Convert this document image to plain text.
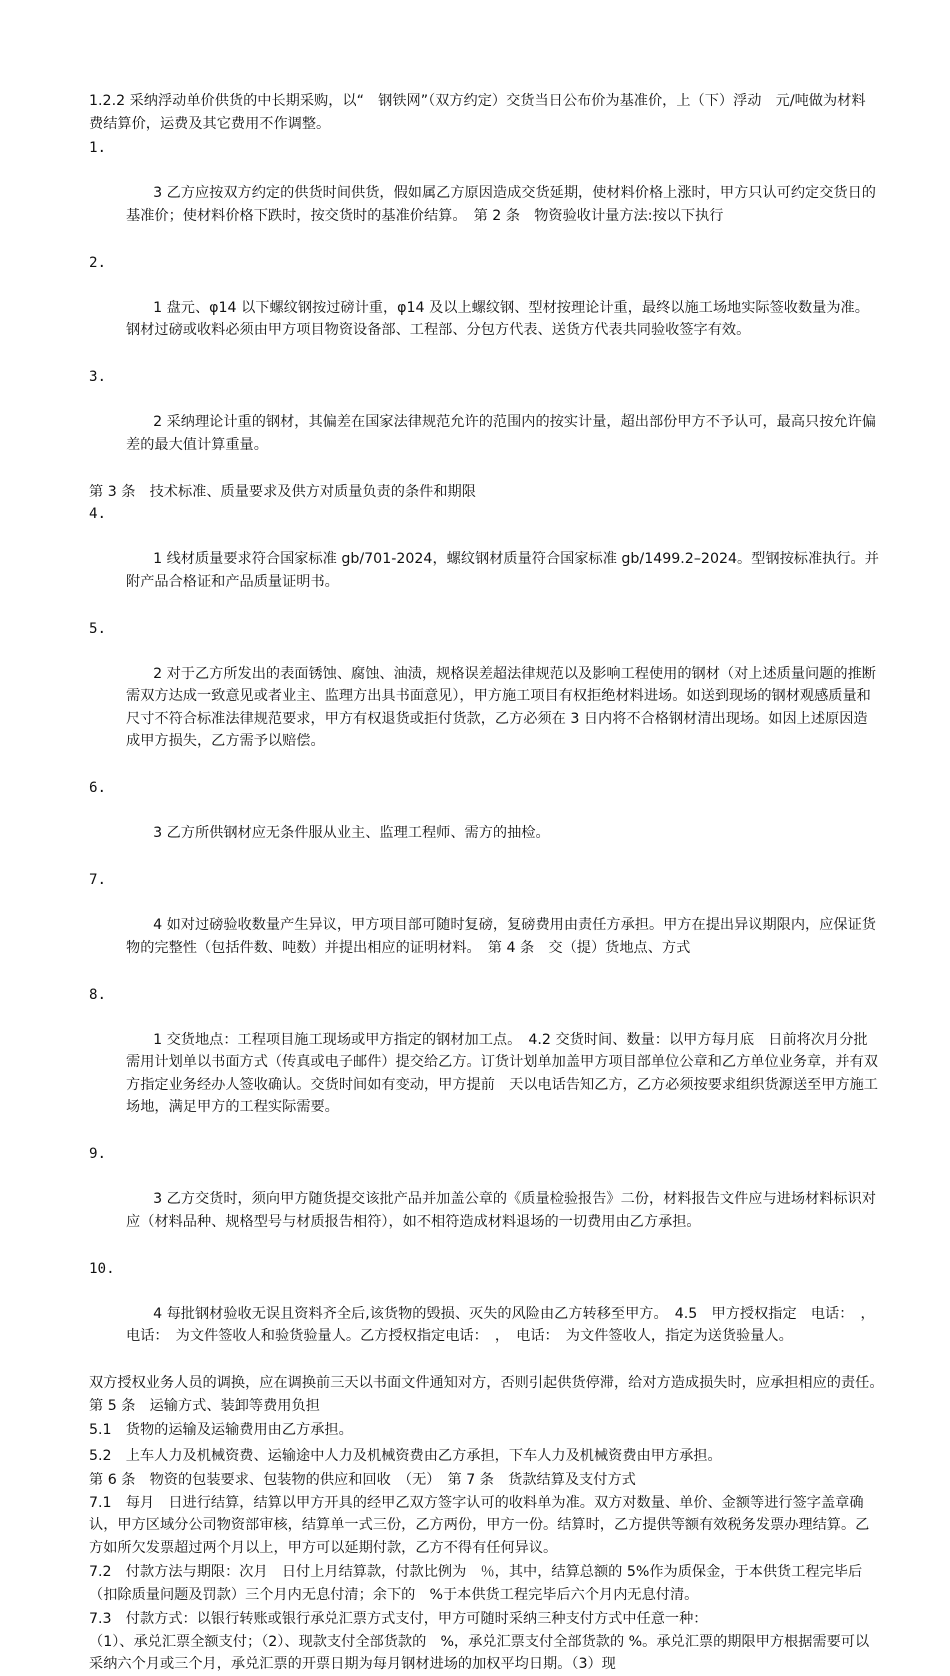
1.2.2 采纳浮动单价供货的中长期采购，以“　钢铁网”（双方约定）交货当日公布价为基准价，上（下）浮动　元/吨做为材料费结算价，运费及其它费用不作调整。

1.

3 乙方应按双方约定的供货时间供货，假如属乙方原因造成交货延期，使材料价格上涨时，甲方只认可约定交货日的基准价；使材料价格下跌时，按交货时的基准价结算。　第 2 条　物资验收计量方法:按以下执行

2.

1 盘元、φ14 以下螺纹钢按过磅计重，φ14 及以上螺纹钢、型材按理论计重，最终以施工场地实际签收数量为准。钢材过磅或收料必须由甲方项目物资设备部、工程部、分包方代表、送货方代表共同验收签字有效。

3.

2 采纳理论计重的钢材，其偏差在国家法律规范允许的范围内的按实计量，超出部份甲方不予认可，最高只按允许偏差的最大值计算重量。

第 3 条　技术标准、质量要求及供方对质量负责的条件和期限

4.

1 线材质量要求符合国家标准 gb/701-2024，螺纹钢材质量符合国家标准 gb/1499.2–2024。型钢按标准执行。并附产品合格证和产品质量证明书。

5.

2 对于乙方所发出的表面锈蚀、腐蚀、油渍，规格误差超法律规范以及影响工程使用的钢材（对上述质量问题的推断需双方达成一致意见或者业主、监理方出具书面意见），甲方施工项目有权拒绝材料进场。如送到现场的钢材观感质量和尺寸不符合标准法律规范要求，甲方有权退货或拒付货款，乙方必须在 3 日内将不合格钢材清出现场。如因上述原因造成甲方损失，乙方需予以赔偿。

6.

3 乙方所供钢材应无条件服从业主、监理工程师、需方的抽检。

7.

4 如对过磅验收数量产生异议，甲方项目部可随时复磅，复磅费用由责任方承担。甲方在提出异议期限内，应保证货物的完整性（包括件数、吨数）并提出相应的证明材料。　第 4 条　交（提）货地点、方式

8.

1 交货地点：工程项目施工现场或甲方指定的钢材加工点。　4.2 交货时间、数量：以甲方每月底　日前将次月分批需用计划单以书面方式（传真或电子邮件）提交给乙方。订货计划单加盖甲方项目部单位公章和乙方单位业务章，并有双方指定业务经办人签收确认。交货时间如有变动，甲方提前　天以电话告知乙方，乙方必须按要求组织货源送至甲方施工场地，满足甲方的工程实际需要。

9.

3 乙方交货时，须向甲方随货提交该批产品并加盖公章的《质量检验报告》二份，材料报告文件应与进场材料标识对应（材料品种、规格型号与材质报告相符），如不相符造成材料退场的一切费用由乙方承担。

10.

4 每批钢材验收无误且资料齐全后,该货物的毁损、灭失的风险由乙方转移至甲方。　4.5　甲方授权指定　电话：　，电话：　为文件签收人和验货验量人。乙方授权指定电话：　，　电话：　为文件签收人，指定为送货验量人。

双方授权业务人员的调换，应在调换前三天以书面文件通知对方，否则引起供货停滞，给对方造成损失时，应承担相应的责任。　第 5 条　运输方式、装卸等费用负担

5.1　货物的运输及运输费用由乙方承担。

5.2　上车人力及机械资费、运输途中人力及机械资费由乙方承担，下车人力及机械资费由甲方承担。

第 6 条　物资的包装要求、包装物的供应和回收　（无）　第 7 条　货款结算及支付方式

7.1　每月　日进行结算，结算以甲方开具的经甲乙双方签字认可的收料单为准。双方对数量、单价、金额等进行签字盖章确认，甲方区域分公司物资部审核，结算单一式三份，乙方两份，甲方一份。结算时，乙方提供等额有效税务发票办理结算。乙方如所欠发票超过两个月以上，甲方可以延期付款，乙方不得有任何异议。

7.2　付款方法与期限：次月　日付上月结算款，付款比例为　％，其中，结算总额的 5%作为质保金，于本供货工程完毕后（扣除质量问题及罚款）三个月内无息付清；余下的　%于本供货工程完毕后六个月内无息付清。

7.3　付款方式：以银行转账或银行承兑汇票方式支付，甲方可随时采纳三种支付方式中任意一种：

（1）、承兑汇票全额支付；（2）、现款支付全部货款的　%，承兑汇票支付全部货款的 %。承兑汇票的期限甲方根据需要可以采纳六个月或三个月，承兑汇票的开票日期为每月钢材进场的加权平均日期。（3）现
